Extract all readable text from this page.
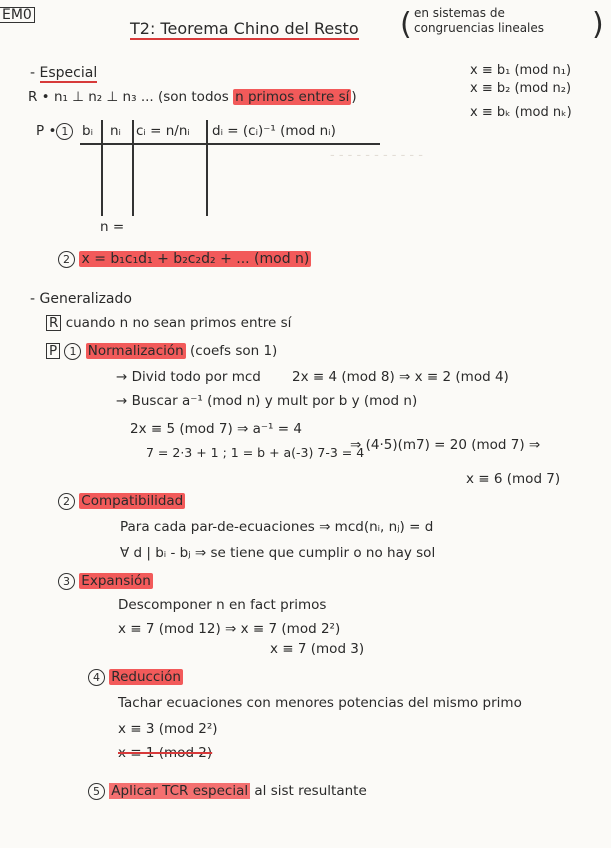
- - - - - - - - - - -
EM0
T2: Teorema Chino del Resto ( en sistemas de
congruencias lineales )
- Especial
R • n₁ ⊥ n₂ ⊥ n₃ ... (son todos n primos entre sí )
x ≡ b₁ (mod n₁)
x ≡ b₂ (mod n₂)
x ≡ bₖ (mod nₖ)
P • 1	bᵢ nᵢ cᵢ = n/nᵢ dᵢ = (cᵢ)⁻¹ (mod nᵢ)
n =
2 x = b₁c₁d₁ + b₂c₂d₂ + ... (mod n)
- Generalizado
R cuando n no sean primos entre sí
P 1 Normalización (coefs son 1)
→ Divid todo por mcd 2x ≡ 4 (mod 8) ⇒ x ≡ 2 (mod 4)
→ Buscar a⁻¹ (mod n) y mult por b y (mod n)
2x ≡ 5 (mod 7) ⇒ a⁻¹ = 4
⇒ (4·5)(m7) = 20 (mod 7) ⇒
7 = 2·3 + 1 ; 1 = b + a(-3) 7-3 = 4
x ≡ 6 (mod 7)
2 Compatibilidad
Para cada par-de-ecuaciones ⇒ mcd(nᵢ, nⱼ) = d
∀ d | bᵢ - bⱼ ⇒ se tiene que cumplir o no hay sol
3 Expansión
Descomponer n en fact primos
x ≡ 7 (mod 12) ⇒ x ≡ 7 (mod 2²)
x ≡ 7 (mod 3)
4 Reducción
Tachar ecuaciones con menores potencias del mismo primo
x ≡ 3 (mod 2²)
x ≡ 1 (mod 2)
5 Aplicar TCR especial al sist resultante
